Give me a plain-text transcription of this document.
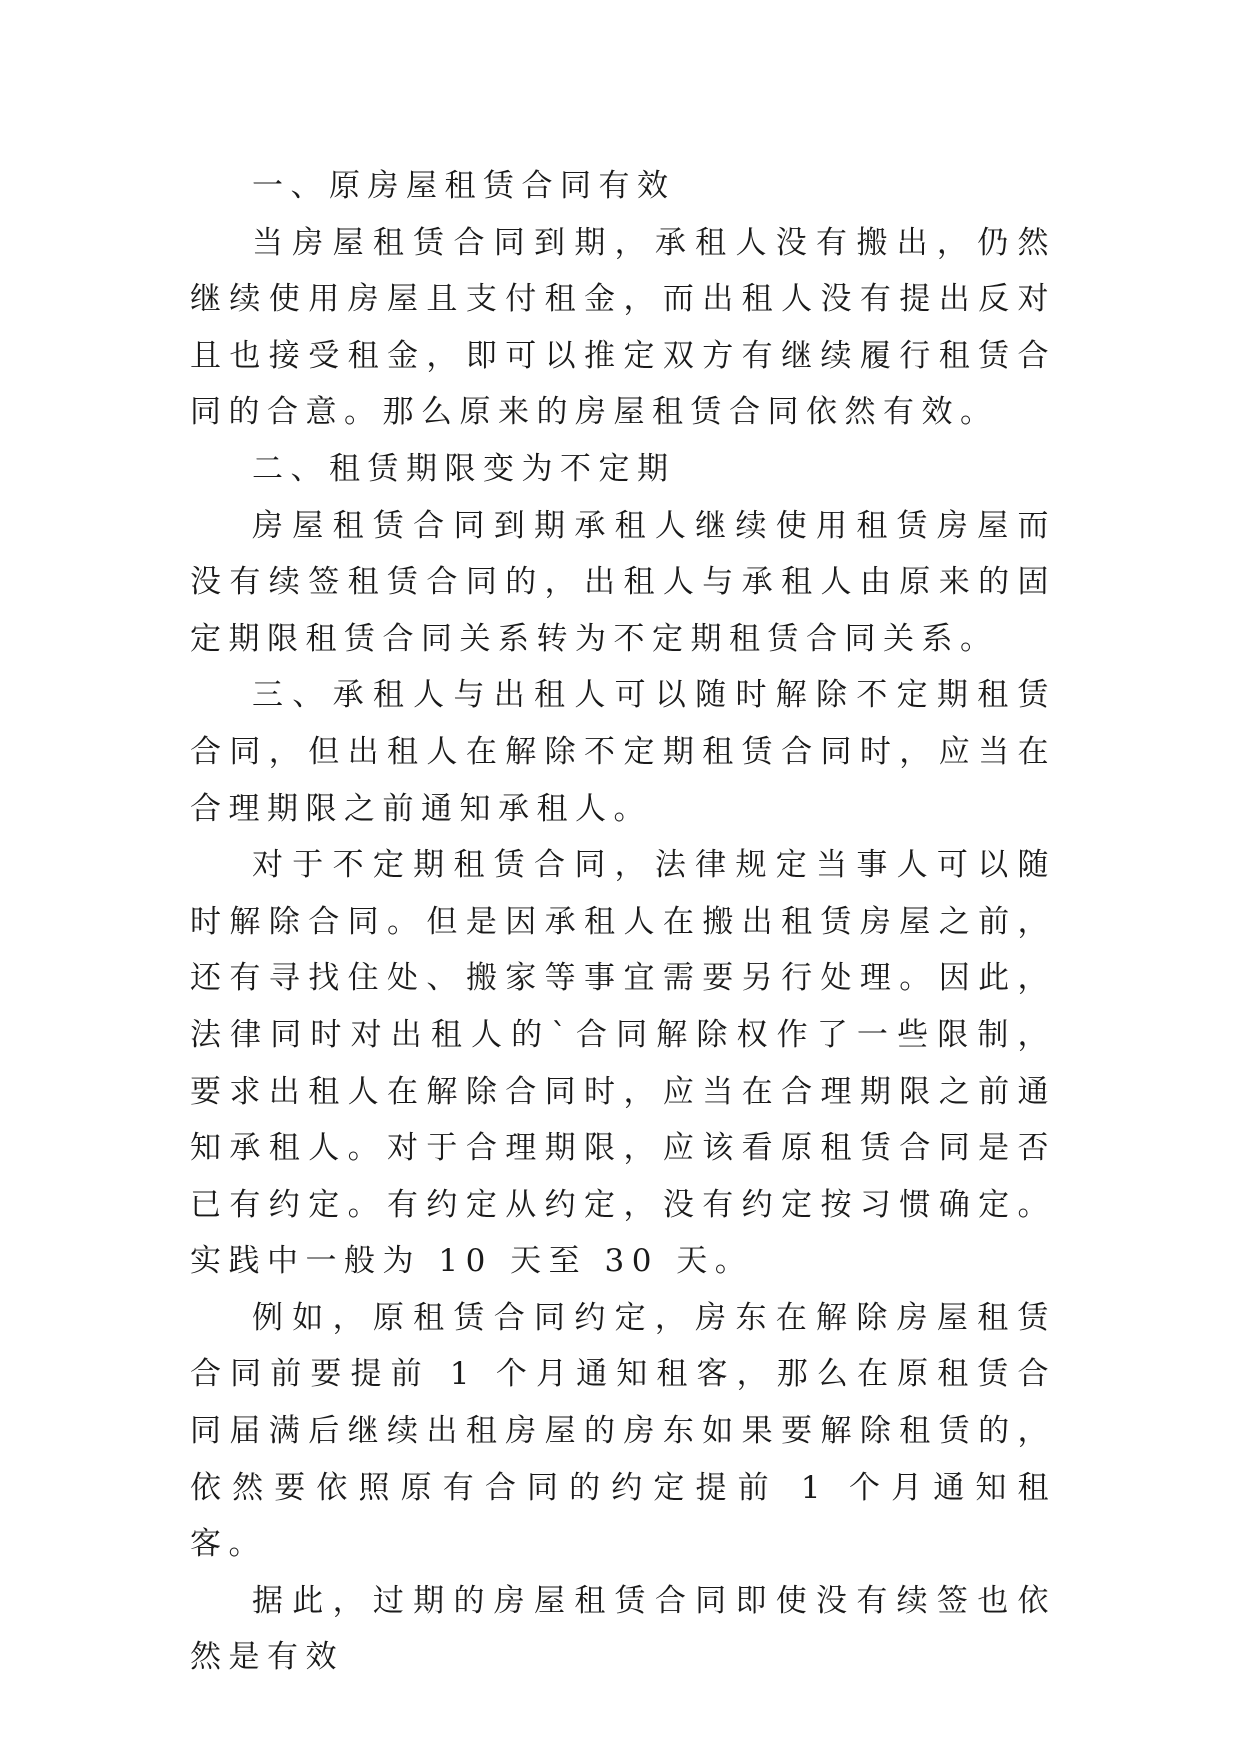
一、原房屋租赁合同有效

当房屋租赁合同到期，承租人没有搬出，仍然继续使用房屋且支付租金，而出租人没有提出反对且也接受租金，即可以推定双方有继续履行租赁合同的合意。那么原来的房屋租赁合同依然有效。

二、租赁期限变为不定期

房屋租赁合同到期承租人继续使用租赁房屋而没有续签租赁合同的，出租人与承租人由原来的固定期限租赁合同关系转为不定期租赁合同关系。

三、承租人与出租人可以随时解除不定期租赁合同，但出租人在解除不定期租赁合同时，应当在合理期限之前通知承租人。

对于不定期租赁合同，法律规定当事人可以随时解除合同。但是因承租人在搬出租赁房屋之前，还有寻找住处、搬家等事宜需要另行处理。因此，法律同时对出租人的`合同解除权作了一些限制，要求出租人在解除合同时，应当在合理期限之前通知承租人。对于合理期限，应该看原租赁合同是否已有约定。有约定从约定，没有约定按习惯确定。实践中一般为 10 天至 30 天。

例如，原租赁合同约定，房东在解除房屋租赁合同前要提前 1 个月通知租客，那么在原租赁合同届满后继续出租房屋的房东如果要解除租赁的，依然要依照原有合同的约定提前 1 个月通知租客。

据此，过期的房屋租赁合同即使没有续签也依然是有效
